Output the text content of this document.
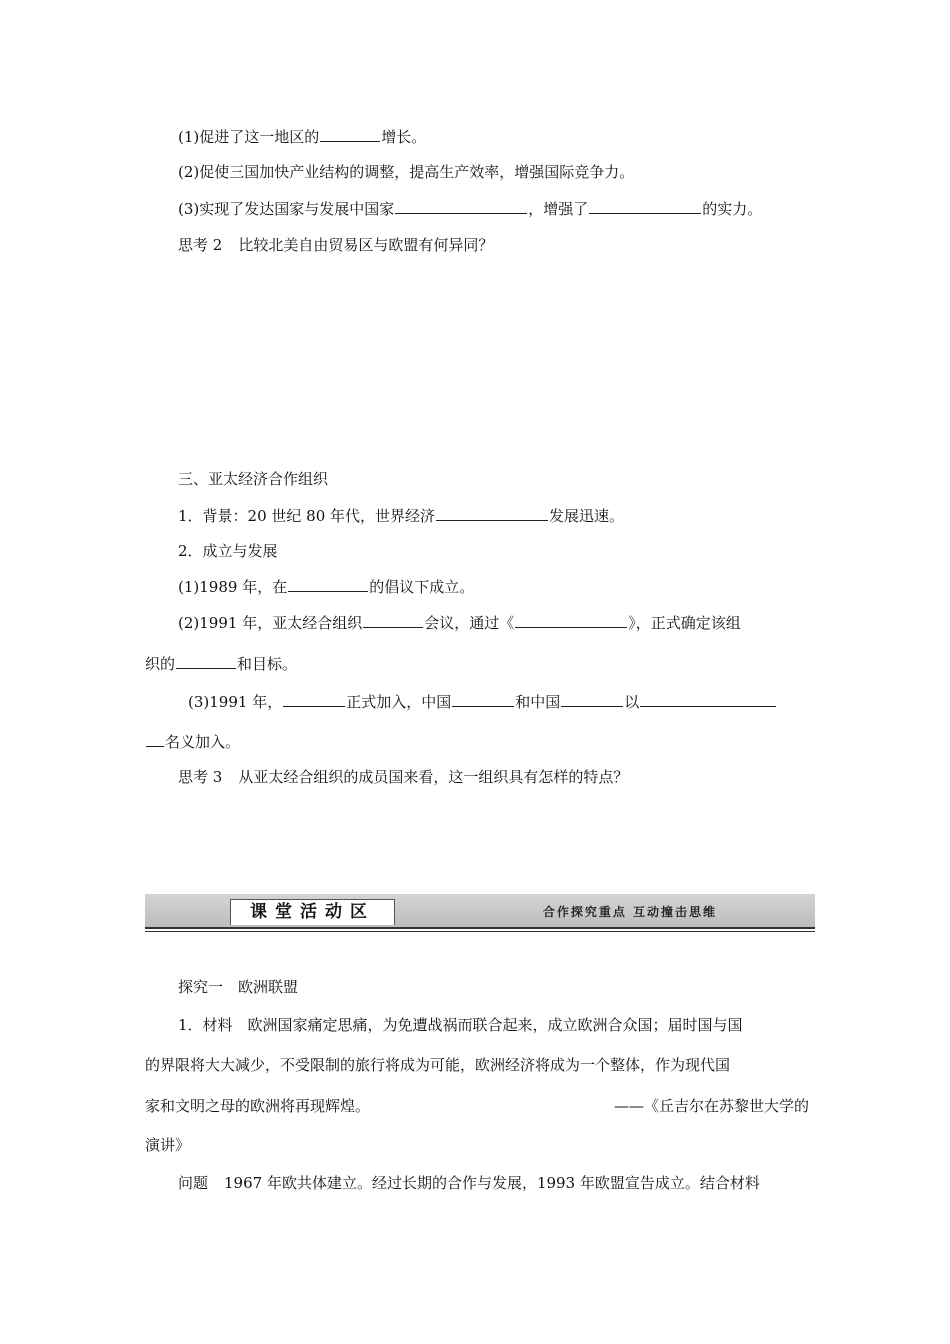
(1)促进了这一地区的	增长。
(2)促使三国加快产业结构的调整，提高生产效率，增强国际竞争力。
(3)实现了发达国家与发展中国家	，增强了	的实力。
思考 2 比较北美自由贸易区与欧盟有何异同？
三、亚太经济合作组织
1．背景：20 世纪 80 年代，世界经济	发展迅速。
2．成立与发展
(1)1989 年，在	的倡议下成立。
(2)1991 年，亚太经合组织	会议，通过《	》，正式确定该组
织的	和目标。
(3)1991 年，	正式加入，中国	和中国	以
名义加入。
思考 3 从亚太经合组织的成员国来看，这一组织具有怎样的特点？
课堂活动区	合作探究重点 互动撞击思维
探究一　欧洲联盟
1．材料　欧洲国家痛定思痛，为免遭战祸而联合起来，成立欧洲合众国；届时国与国
的界限将大大减少，不受限制的旅行将成为可能，欧洲经济将成为一个整体，作为现代国
家和文明之母的欧洲将再现辉煌。	——《丘吉尔在苏黎世大学的
演讲》
问题 1967 年欧共体建立。经过长期的合作与发展，1993 年欧盟宣告成立。结合材料
